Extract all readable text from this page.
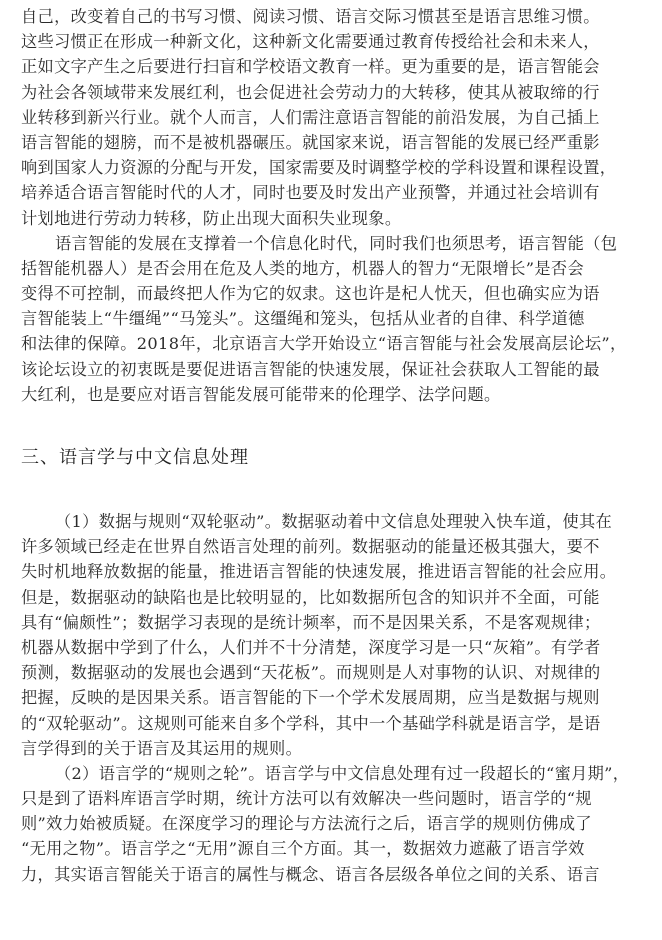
自己，改变着自己的书写习惯、阅读习惯、语言交际习惯甚至是语言思维习惯。
这些习惯正在形成一种新文化，这种新文化需要通过教育传授给社会和未来人，
正如文字产生之后要进行扫盲和学校语文教育一样。更为重要的是，语言智能会
为社会各领域带来发展红利，也会促进社会劳动力的大转移，使其从被取缔的行
业转移到新兴行业。就个人而言，人们需注意语言智能的前沿发展，为自己插上
语言智能的翅膀，而不是被机器碾压。就国家来说，语言智能的发展已经严重影
响到国家人力资源的分配与开发，国家需要及时调整学校的学科设置和课程设置，
培养适合语言智能时代的人才，同时也要及时发出产业预警，并通过社会培训有
计划地进行劳动力转移，防止出现大面积失业现象。
语言智能的发展在支撑着一个信息化时代，同时我们也须思考，语言智能（包
括智能机器人）是否会用在危及人类的地方，机器人的智力“无限增长”是否会
变得不可控制，而最终把人作为它的奴隶。这也许是杞人忧天，但也确实应为语
言智能装上“牛缰绳”“马笼头”。这缰绳和笼头，包括从业者的自律、科学道德
和法律的保障。2018年，北京语言大学开始设立“语言智能与社会发展高层论坛”，
该论坛设立的初衷既是要促进语言智能的快速发展，保证社会获取人工智能的最
大红利，也是要应对语言智能发展可能带来的伦理学、法学问题。
三、语言学与中文信息处理
（1）数据与规则“双轮驱动”。数据驱动着中文信息处理驶入快车道，使其在
许多领域已经走在世界自然语言处理的前列。数据驱动的能量还极其强大，要不
失时机地释放数据的能量，推进语言智能的快速发展，推进语言智能的社会应用。
但是，数据驱动的缺陷也是比较明显的，比如数据所包含的知识并不全面，可能
具有“偏颇性”；数据学习表现的是统计频率，而不是因果关系，不是客观规律；
机器从数据中学到了什么，人们并不十分清楚，深度学习是一只“灰箱”。有学者
预测，数据驱动的发展也会遇到“天花板”。而规则是人对事物的认识、对规律的
把握，反映的是因果关系。语言智能的下一个学术发展周期，应当是数据与规则
的“双轮驱动”。这规则可能来自多个学科，其中一个基础学科就是语言学，是语
言学得到的关于语言及其运用的规则。
（2）语言学的“规则之轮”。语言学与中文信息处理有过一段超长的“蜜月期”，
只是到了语料库语言学时期，统计方法可以有效解决一些问题时，语言学的“规
则”效力始被质疑。在深度学习的理论与方法流行之后，语言学的规则仿佛成了
“无用之物”。语言学之“无用”源自三个方面。其一，数据效力遮蔽了语言学效
力，其实语言智能关于语言的属性与概念、语言各层级各单位之间的关系、语言
